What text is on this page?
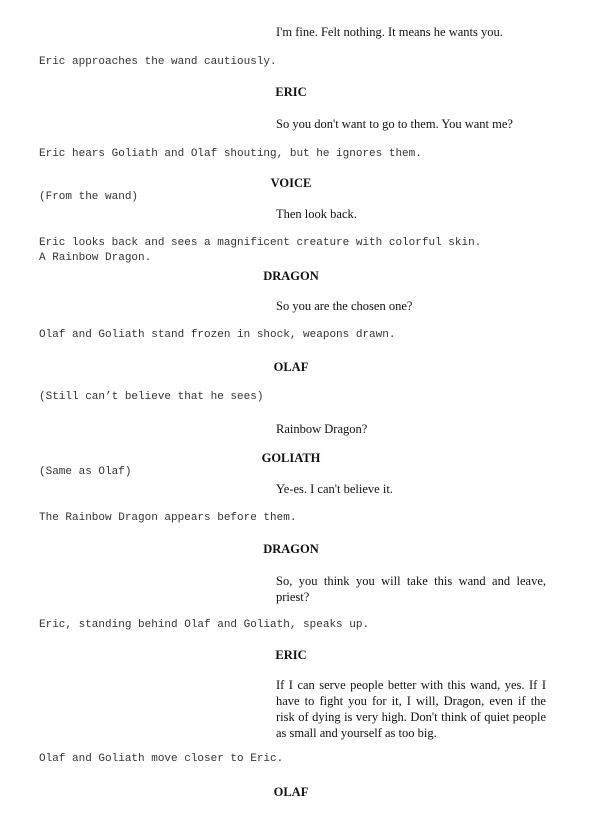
I'm fine. Felt nothing. It means he wants you.

Eric approaches the wand cautiously.

ERIC

So you don't want to go to them. You want me?

Eric hears Goliath and Olaf shouting, but he ignores them.

VOICE

(From the wand)

Then look back.

Eric looks back and sees a magnificent creature with colorful skin.

A Rainbow Dragon.

DRAGON

So you are the chosen one?

Olaf and Goliath stand frozen in shock, weapons drawn.

OLAF

(Still can’t believe that he sees)

Rainbow Dragon?

GOLIATH

(Same as Olaf)

Ye-es. I can't believe it.

The Rainbow Dragon appears before them.

DRAGON

So, you think you will take this wand and leave, priest?

Eric, standing behind Olaf and Goliath, speaks up.

ERIC

If I can serve people better with this wand, yes. If I have to fight you for it, I will, Dragon, even if the risk of dying is very high. Don't think of quiet people as small and yourself as too big.

Olaf and Goliath move closer to Eric.

OLAF
